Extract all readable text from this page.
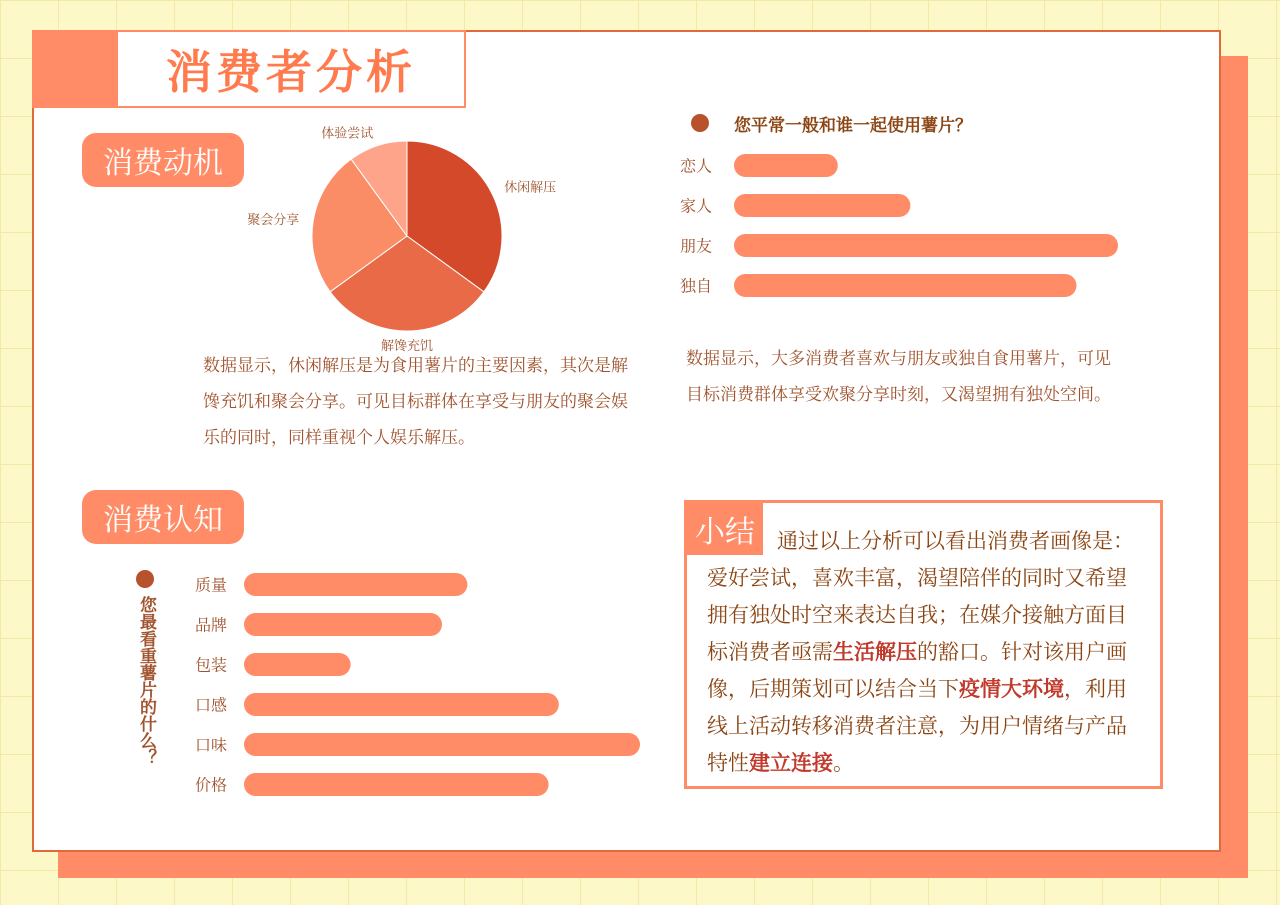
消费者分析
消费动机
休闲解压
解馋充饥
聚会分享
体验尝试
数据显示，休闲解压是为食用薯片的主要因素，其次是解馋充饥和聚会分享。可见目标群体在享受与朋友的聚会娱乐的同时，同样重视个人娱乐解压。
您平常一般和谁一起使用薯片？
恋人
家人
朋友
独自
数据显示，大多消费者喜欢与朋友或独自食用薯片，可见目标消费群体享受欢聚分享时刻，又渴望拥有独处空间。
消费认知
您最看重薯片的什么？
质量
品牌
包装
口感
口味
价格
小结	通过以上分析可以看出消费者画像是：爱好尝试，喜欢丰富，渴望陪伴的同时又希望拥有独处时空来表达自我；在媒介接触方面目标消费者亟需生活解压的豁口。针对该用户画像，后期策划可以结合当下疫情大环境，利用线上活动转移消费者注意，为用户情绪与产品特性建立连接。
